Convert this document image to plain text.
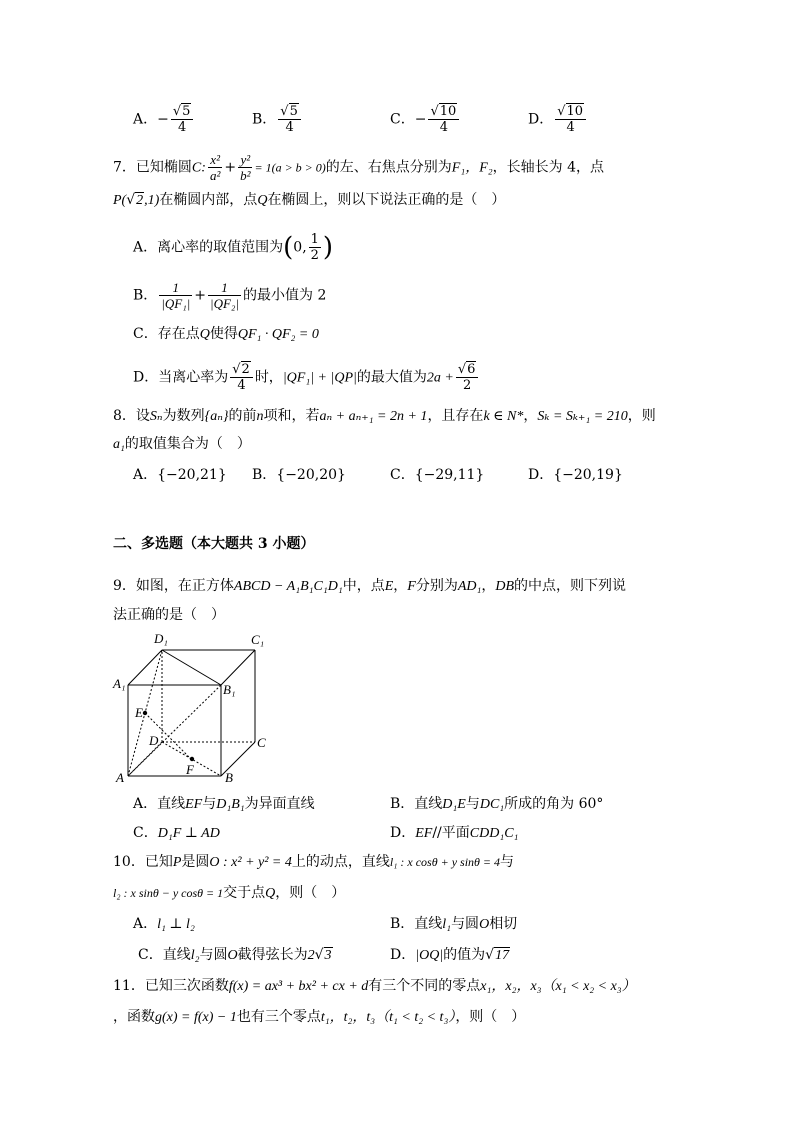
A．− $\frac{√5}{4}$	B． $\frac{√5}{4}$	C．− $\frac{√10}{4}$	D． $\frac{√10}{4}$
7．已知椭圆C: $\frac{\text{x²}}{\text{a²}} + \frac{\text{y²}}{\text{b²}} = 1(a > b > 0)$的左、右焦点分别为F₁，F₂，长轴长为 4，点
P(√2,1)在椭圆内部，点Q在椭圆上，则以下说法正确的是（　）
A．离心率的取值范围为(0, $\frac{1}{2}$ )
B． $\frac{1}{\text{|QF₁|}} + \frac{1}{\text{|QF₂|}}$ 的最小值为 2
C．存在点Q使得QF₁ · QF₂ = 0
D．当离心率为 $\frac{√2}{4}$ 时，|QF₁| + |QP|的最大值为$2a + \frac{√6}{2}$
8．设Sₙ为数列{aₙ}的前n项和，若aₙ + aₙ₊₁ = 2n + 1，且存在k ∈ N*，Sₖ = Sₖ₊₁ = 210，则
a₁的取值集合为（　）
A．{−20,21} B．{−20,20}	C．{−29,11}	D．{−20,19}
二、多选题（本大题共 3 小题）
9．如图，在正方体ABCD − A₁B₁C₁D₁中，点E，F分别为AD₁，DB的中点，则下列说
法正确的是（　）
D₁	C₁
A₁	B₁
E
D	C
F
A	B
A．直线EF与D₁B₁为异面直线	B．直线D₁E与DC₁所成的角为 60°
C．D₁F ⊥ AD	D．EF//平面CDD₁C₁
10．已知P是圆O : x² + y² = 4上的动点，直线l₁ : x cosθ + y sinθ = 4与
l₂ : x sinθ − y cosθ = 1交于点Q，则（　）
A．l₁ ⊥ l₂	B．直线l₁与圆O相切
C．直线l₂与圆O截得弦长为2√3	D．|OQ|的值为√17
11．已知三次函数f(x) = ax³ + bx² + cx + d有三个不同的零点x₁，x₂，x₃（x₁ < x₂ < x₃）
，函数g(x) = f(x) − 1也有三个零点t₁，t₂，t₃（t₁ < t₂ < t₃），则（　）
